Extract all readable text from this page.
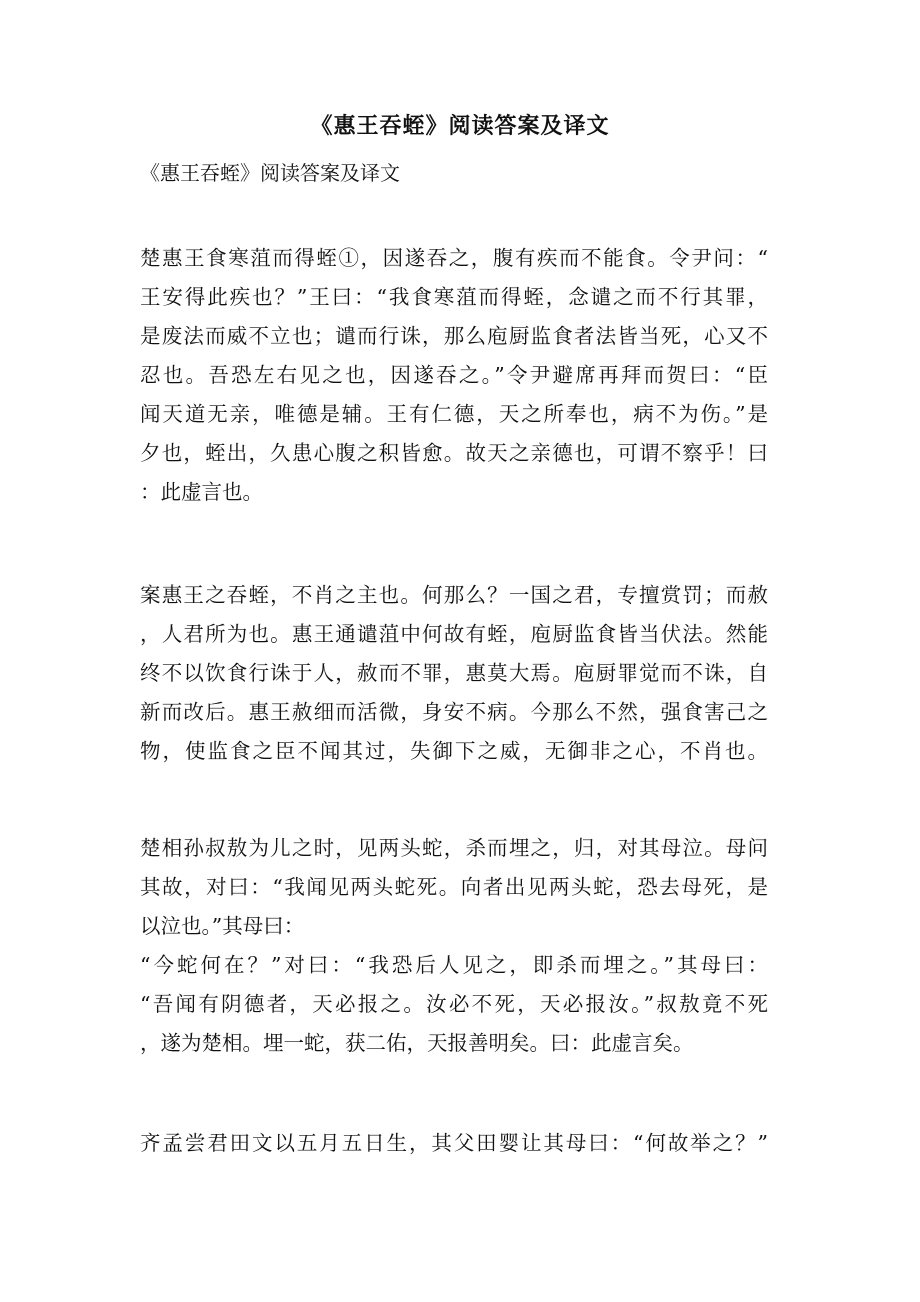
《惠王吞蛭》阅读答案及译文
《惠王吞蛭》阅读答案及译文
楚惠王食寒菹而得蛭①，因遂吞之，腹有疾而不能食。令尹问：“
王安得此疾也？”王曰：“我食寒菹而得蛭，念谴之而不行其罪，
是废法而威不立也；谴而行诛，那么庖厨监食者法皆当死，心又不
忍也。吾恐左右见之也，因遂吞之。”令尹避席再拜而贺曰：“臣
闻天道无亲，唯德是辅。王有仁德，天之所奉也，病不为伤。”是
夕也，蛭出，久患心腹之积皆愈。故天之亲德也，可谓不察乎！曰
：此虚言也。
案惠王之吞蛭，不肖之主也。何那么？一国之君，专擅赏罚；而赦
，人君所为也。惠王通谴菹中何故有蛭，庖厨监食皆当伏法。然能
终不以饮食行诛于人，赦而不罪，惠莫大焉。庖厨罪觉而不诛，自
新而改后。惠王赦细而活微，身安不病。今那么不然，强食害己之
物，使监食之臣不闻其过，失御下之威，无御非之心，不肖也。
楚相孙叔敖为儿之时，见两头蛇，杀而埋之，归，对其母泣。母问
其故，对曰：“我闻见两头蛇死。向者出见两头蛇，恐去母死，是
以泣也。”其母曰：
“今蛇何在？”对曰：“我恐后人见之，即杀而埋之。”其母曰：
“吾闻有阴德者，天必报之。汝必不死，天必报汝。”叔敖竟不死
，遂为楚相。埋一蛇，获二佑，天报善明矣。曰：此虚言矣。
齐孟尝君田文以五月五日生，其父田婴让其母曰：“何故举之？”
